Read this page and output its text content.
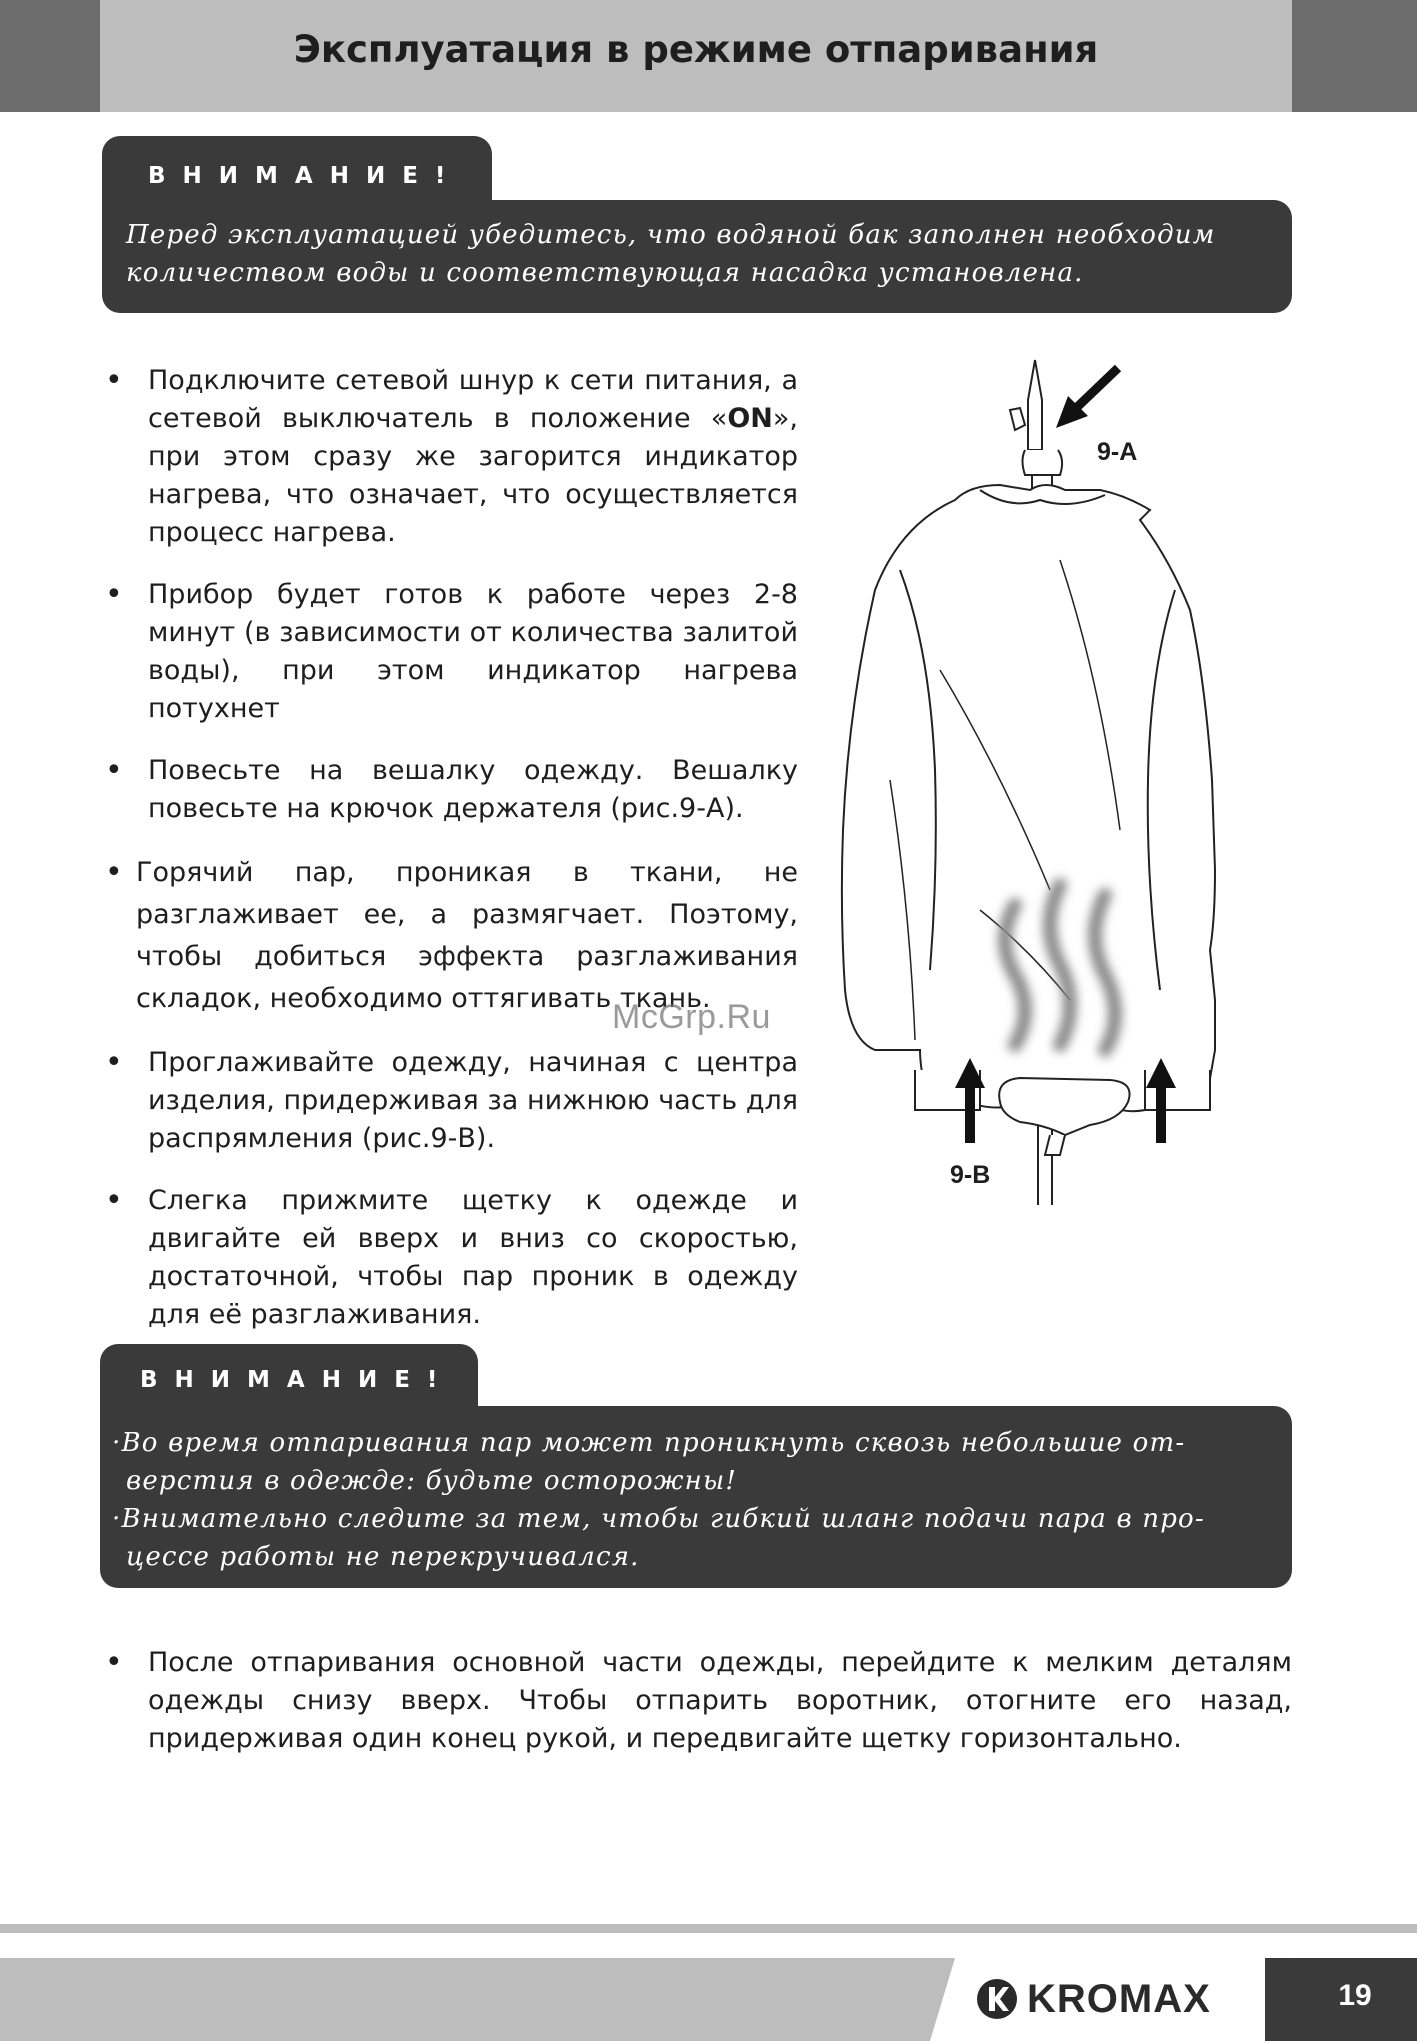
Эксплуатация в режиме отпаривания
ВНИМАНИЕ!

Перед эксплуатацией убедитесь, что водяной бак заполнен необходим

количеством воды и соответствующая насадка установлена.

• Подключите сетевой шнур к сети питания, а сетевой выключатель в положение «ON», при этом сразу же загорится индикатор нагрева, что означает, что осуществляется процесс нагрева.
• Прибор будет готов к работе через 2-8 минут (в зависимости от количества залитой воды), при этом индикатор нагрева потухнет
• Повесьте на вешалку одежду. Вешалку повесьте на крючок держателя (рис.9-А).
• Горячий пар, проникая в ткани, не разглаживает ее, а размягчает. Поэтому, чтобы добиться эффекта разглаживания складок, необходимо оттягивать ткань.
• Проглаживайте одежду, начиная с центра изделия, придерживая за нижнюю часть для распрямления (рис.9-В).
• Слегка прижмите щетку к одежде и двигайте ей вверх и вниз со скоростью, достаточной, чтобы пар проник в одежду для её разглаживания.
9-A
9-B
McGrp.Ru
ВНИМАНИЕ!

·Во время отпаривания пар может проникнуть сквозь небольшие от-

верстия в одежде: будьте осторожны!

·Внимательно следите за тем, чтобы гибкий шланг подачи пара в про-

цессе работы не перекручивался.

• После отпаривания основной части одежды, перейдите к мелким деталям одежды снизу вверх. Чтобы отпарить воротник, отогните его назад, придерживая один конец рукой, и передвигайте щетку горизонтально.
19
KROMAX
